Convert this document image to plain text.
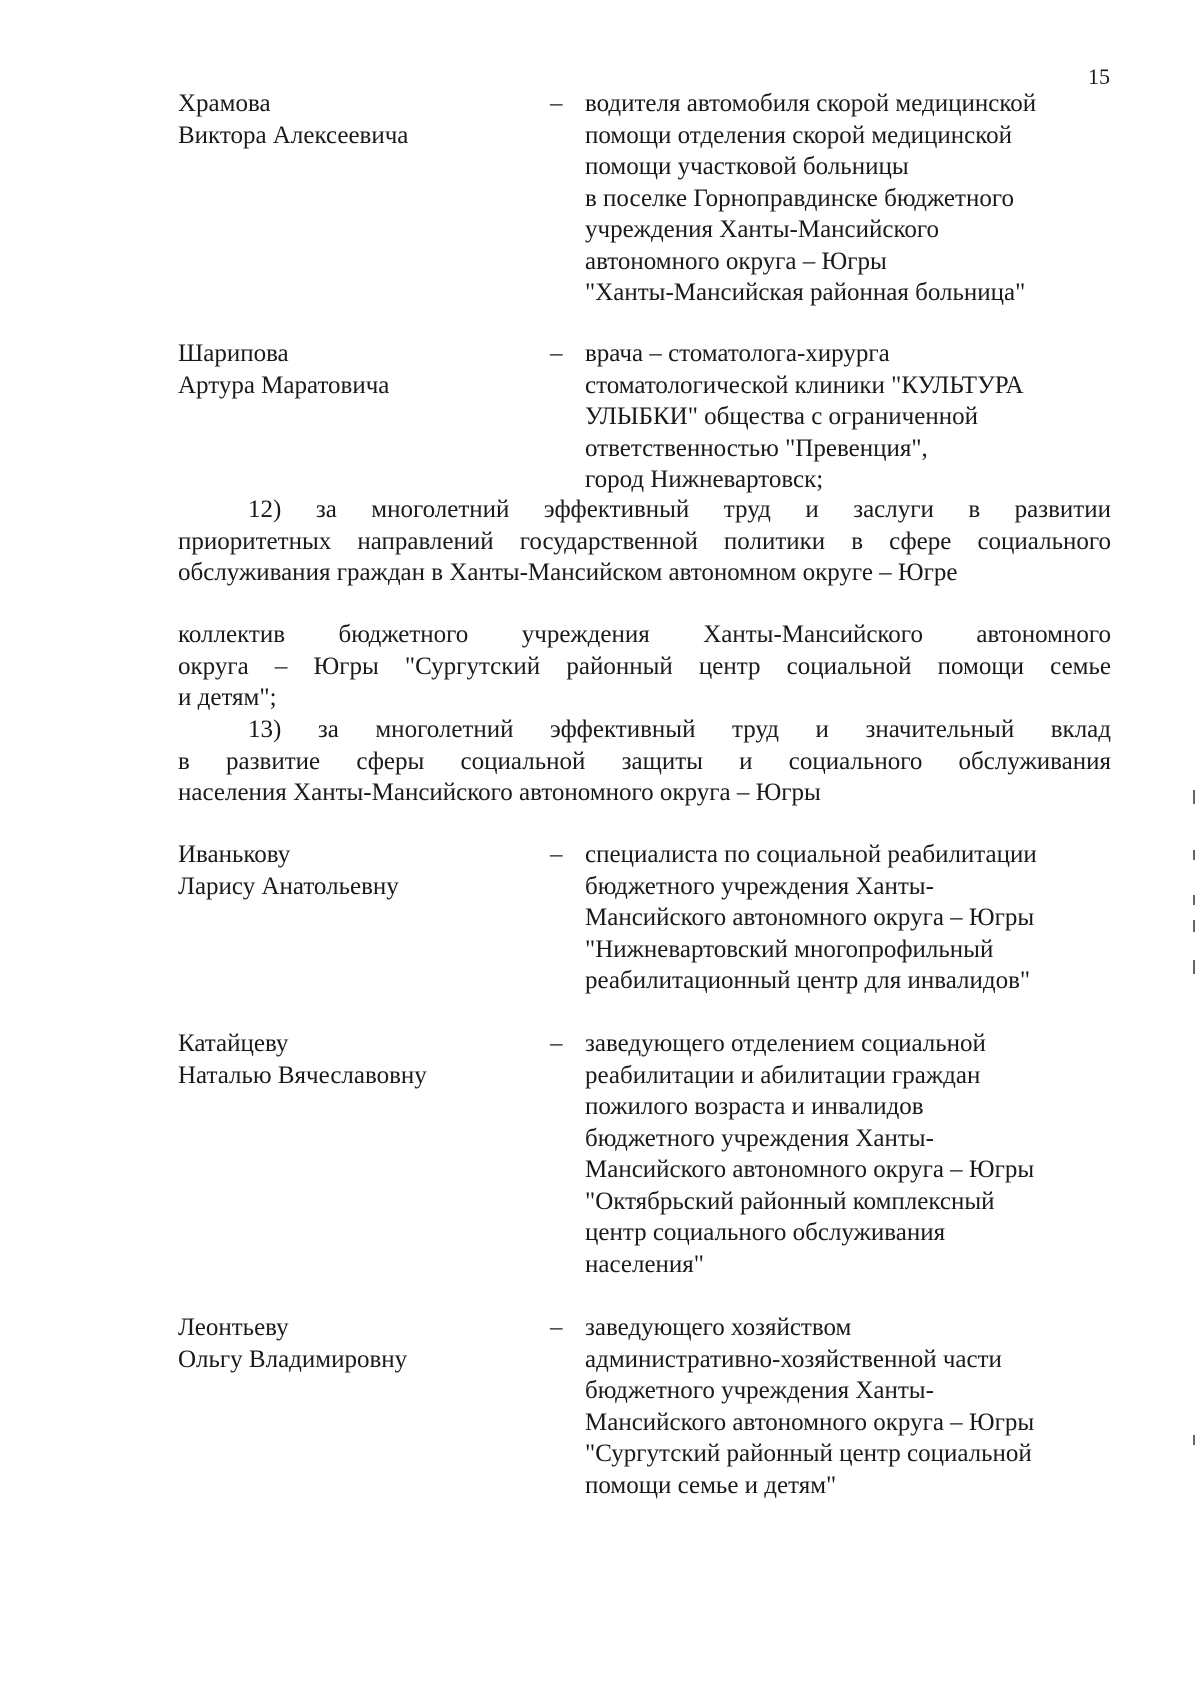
15
Храмова
Виктора Алексеевича
– водителя автомобиля скорой медицинской
помощи отделения скорой медицинской
помощи участковой больницы
в поселке Горноправдинске бюджетного
учреждения Ханты-Мансийского
автономного округа – Югры
"Ханты-Мансийская районная больница"
Шарипова
Артура Маратовича
– врача – стоматолога-хирурга
стоматологической клиники "КУЛЬТУРА
УЛЫБКИ" общества с ограниченной
ответственностью "Превенция",
город Нижневартовск;
12) за многолетний эффективный труд и заслуги в развитии
приоритетных направлений государственной политики в сфере социального
обслуживания граждан в Ханты-Мансийском автономном округе – Югре
коллектив бюджетного учреждения Ханты-Мансийского автономного
округа – Югры "Сургутский районный центр социальной помощи семье
и детям";
13) за многолетний эффективный труд и значительный вклад
в развитие сферы социальной защиты и социального обслуживания
населения Ханты-Мансийского автономного округа – Югры
Иванькову
Ларису Анатольевну
– специалиста по социальной реабилитации
бюджетного учреждения Ханты-
Мансийского автономного округа – Югры
"Нижневартовский многопрофильный
реабилитационный центр для инвалидов"
Катайцеву
Наталью Вячеславовну
– заведующего отделением социальной
реабилитации и абилитации граждан
пожилого возраста и инвалидов
бюджетного учреждения Ханты-
Мансийского автономного округа – Югры
"Октябрьский районный комплексный
центр социального обслуживания
населения"
Леонтьеву
Ольгу Владимировну
– заведующего хозяйством
административно-хозяйственной части
бюджетного учреждения Ханты-
Мансийского автономного округа – Югры
"Сургутский районный центр социальной
помощи семье и детям"
